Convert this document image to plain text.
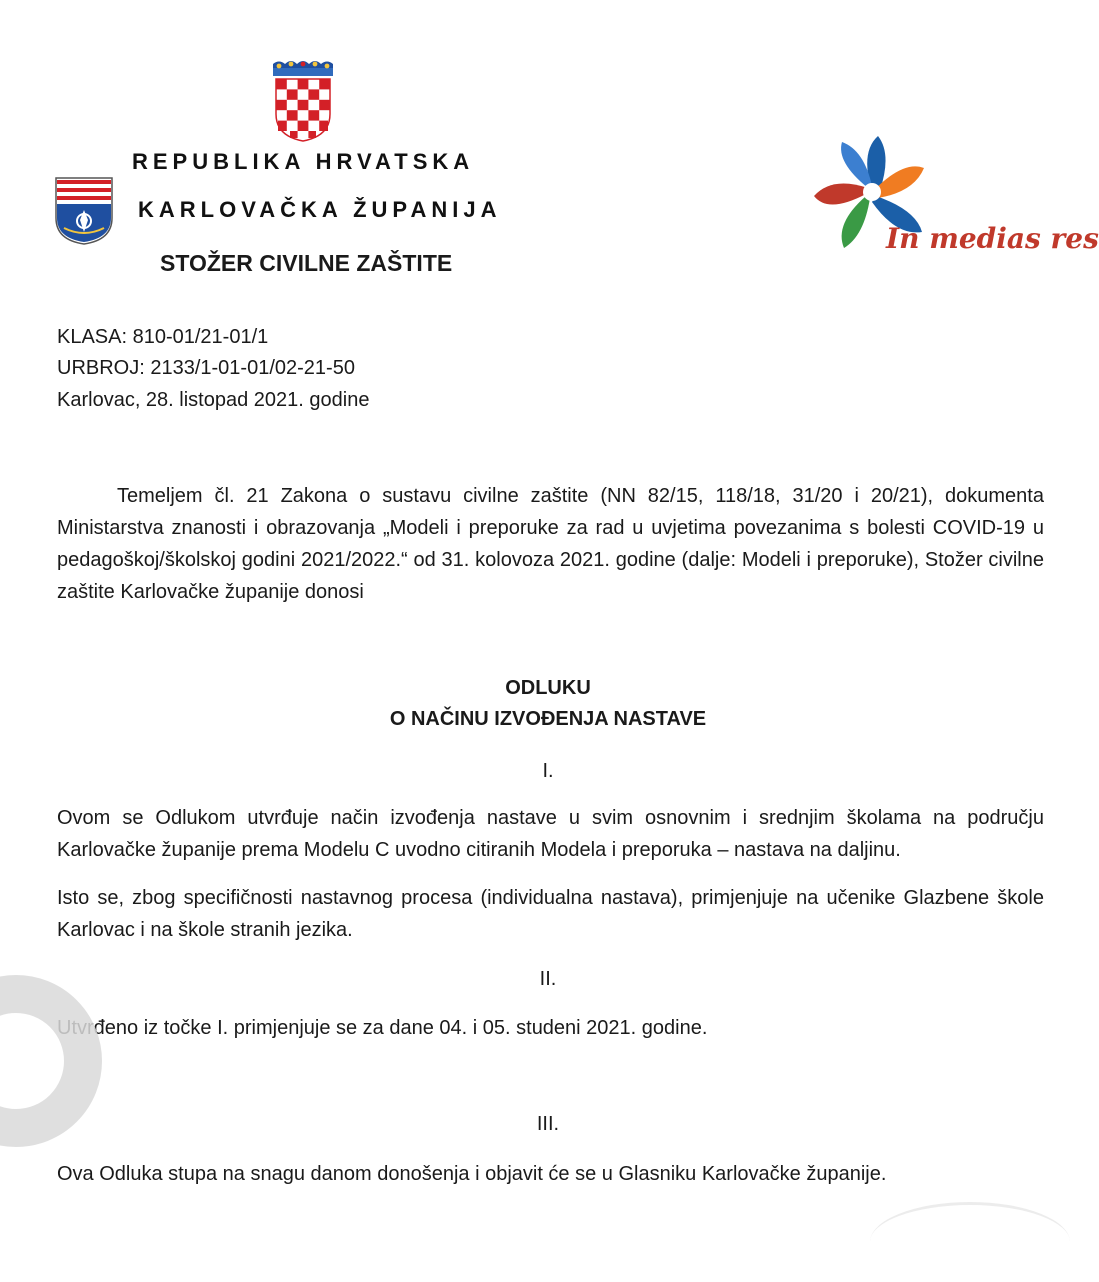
REPUBLIKA HRVATSKA
KARLOVAČKA ŽUPANIJA
STOŽER CIVILNE ZAŠTITE
In medias res
KLASA: 810-01/21-01/1
URBROJ: 2133/1-01-01/02-21-50
Karlovac, 28. listopad 2021. godine
Temeljem čl. 21 Zakona o sustavu civilne zaštite (NN 82/15, 118/18, 31/20 i 20/21), dokumenta Ministarstva znanosti i obrazovanja „Modeli i preporuke za rad u uvjetima povezanima s bolesti COVID-19 u pedagoškoj/školskoj godini 2021/2022.“ od 31. kolovoza 2021. godine (dalje: Modeli i preporuke), Stožer civilne zaštite Karlovačke županije donosi
ODLUKU
O NAČINU IZVOĐENJA NASTAVE
I.
Ovom se Odlukom utvrđuje način izvođenja nastave u svim osnovnim i srednjim školama na području Karlovačke županije prema Modelu C uvodno citiranih Modela i preporuka – nastava na daljinu.
Isto se, zbog specifičnosti nastavnog procesa (individualna nastava), primjenjuje na učenike Glazbene škole Karlovac i na škole stranih jezika.
II.
Utvrđeno iz točke I. primjenjuje se za dane 04. i 05. studeni 2021. godine.
III.
Ova Odluka stupa na snagu danom donošenja i objavit će se u Glasniku Karlovačke županije.
